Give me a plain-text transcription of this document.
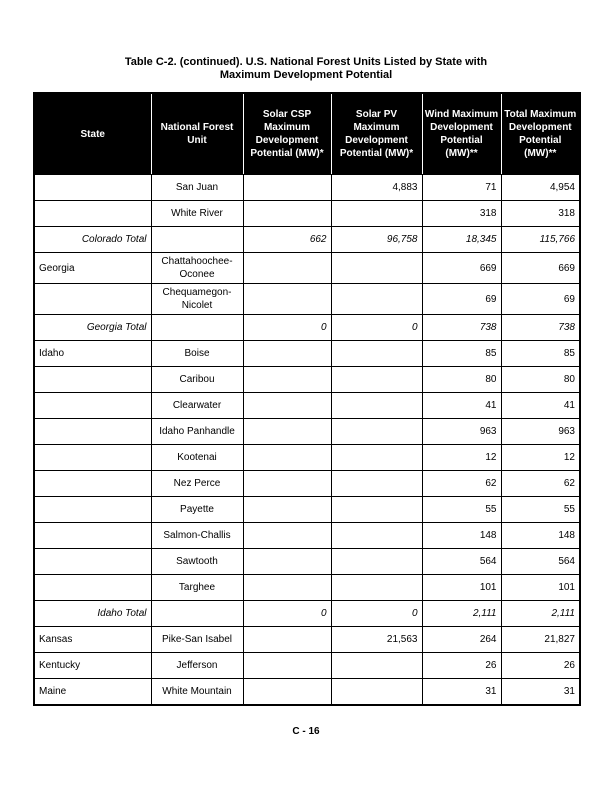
Table C-2. (continued). U.S. National Forest Units Listed by State with
Maximum Development Potential
State	National Forest Unit	Solar CSP Maximum Development Potential (MW)*	Solar PV Maximum Development Potential (MW)*	Wind Maximum Development Potential (MW)**	Total Maximum Development Potential (MW)**
	San Juan		4,883	71	4,954
	White River			318	318
Colorado Total		662	96,758	18,345	115,766
Georgia	Chattahoochee-Oconee			669	669
	Chequamegon-Nicolet			69	69
Georgia Total		0	0	738	738
Idaho	Boise			85	85
	Caribou			80	80
	Clearwater			41	41
	Idaho Panhandle			963	963
	Kootenai			12	12
	Nez Perce			62	62
	Payette			55	55
	Salmon-Challis			148	148
	Sawtooth			564	564
	Targhee			101	101
Idaho Total		0	0	2,111	2,111
Kansas	Pike-San Isabel		21,563	264	21,827
Kentucky	Jefferson			26	26
Maine	White Mountain			31	31
C - 16
